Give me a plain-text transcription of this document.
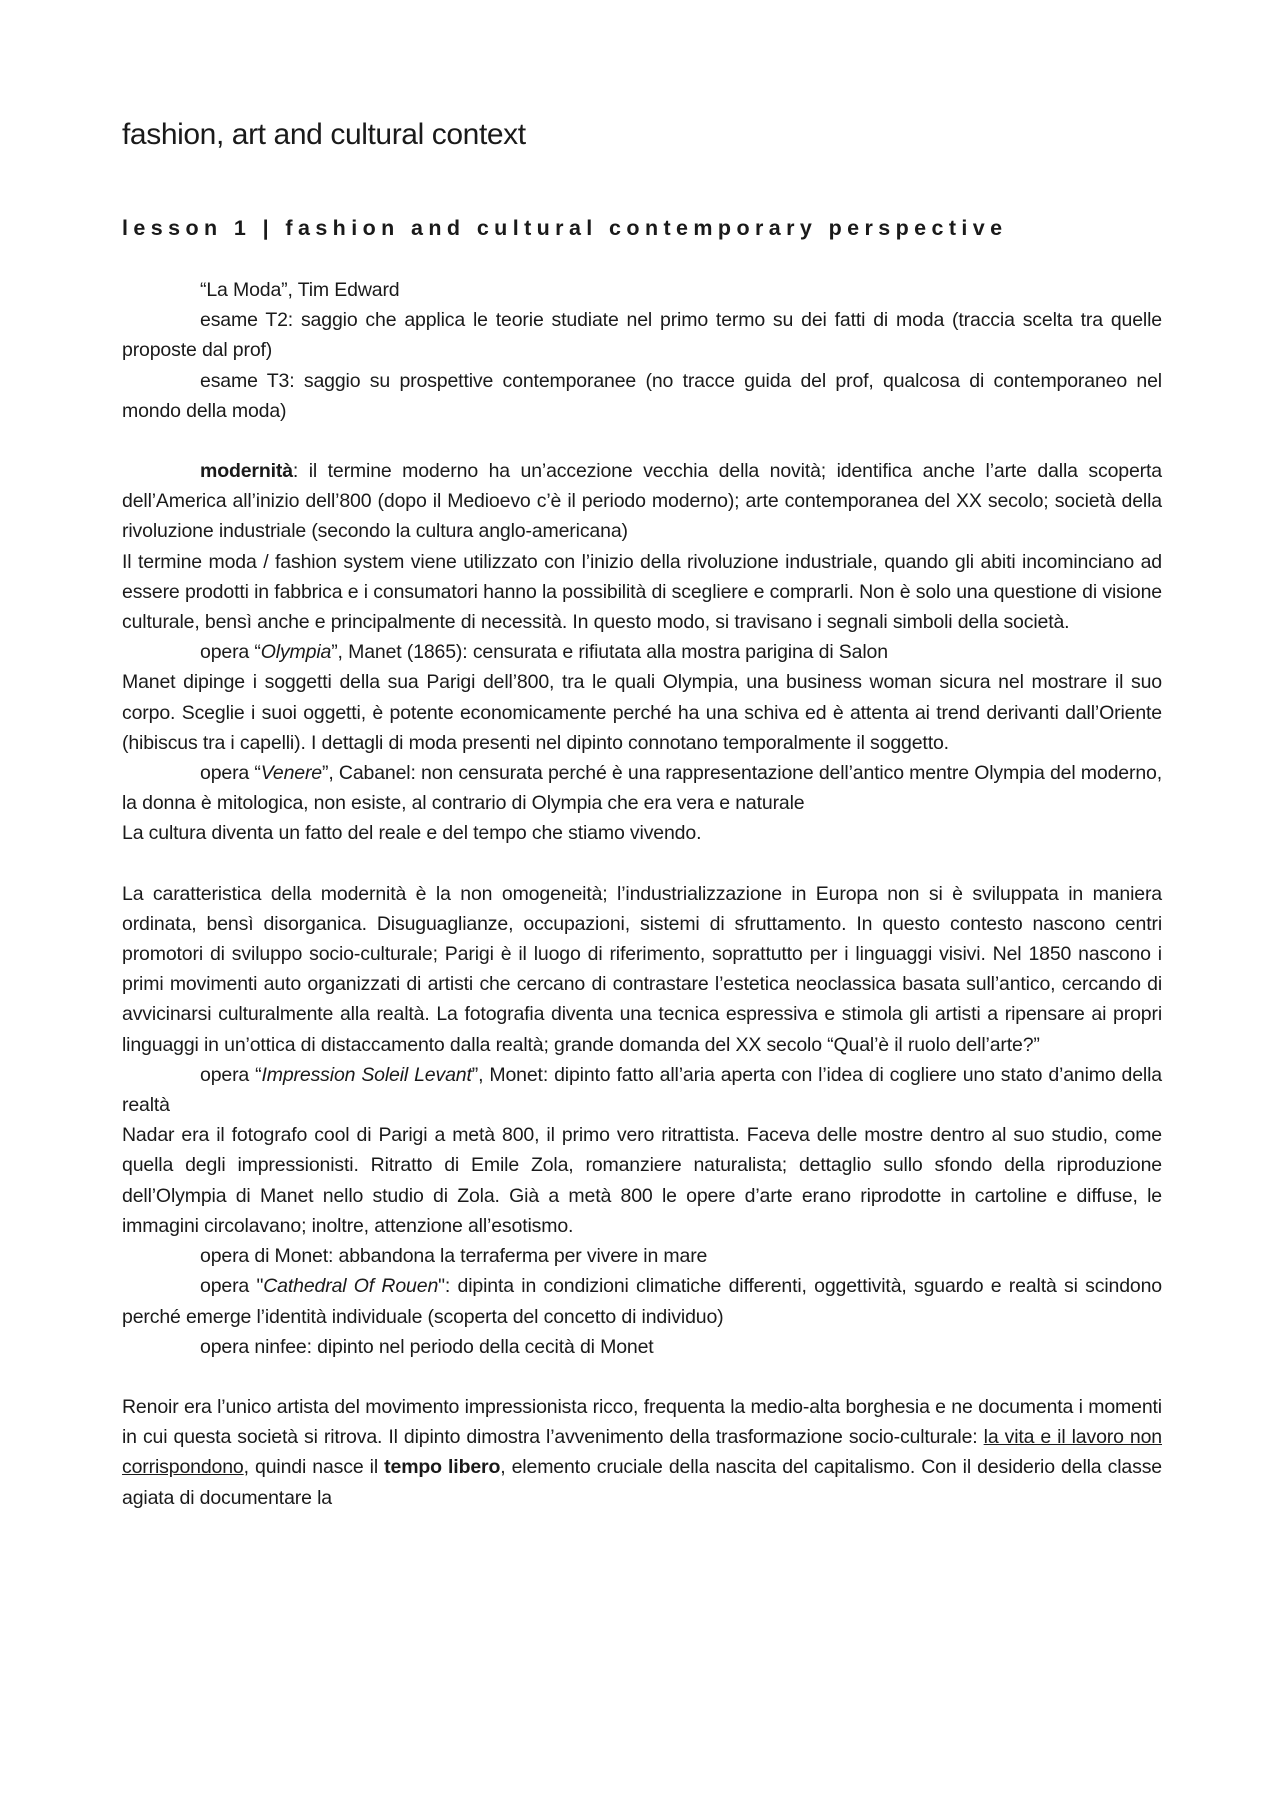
fashion, art and cultural context
lesson 1 | fashion and cultural contemporary perspective

“La Moda”, Tim Edward

esame T2: saggio che applica le teorie studiate nel primo termo su dei fatti di moda (traccia scelta tra quelle proposte dal prof)

esame T3: saggio su prospettive contemporanee (no tracce guida del prof, qualcosa di contemporaneo nel mondo della moda)

modernità: il termine moderno ha un’accezione vecchia della novità; identifica anche l’arte dalla scoperta dell’America all’inizio dell’800 (dopo il Medioevo c’è il periodo moderno); arte contemporanea del XX secolo; società della rivoluzione industriale (secondo la cultura anglo-americana)

Il termine moda / fashion system viene utilizzato con l’inizio della rivoluzione industriale, quando gli abiti incominciano ad essere prodotti in fabbrica e i consumatori hanno la possibilità di scegliere e comprarli. Non è solo una questione di visione culturale, bensì anche e principalmente di necessità. In questo modo, si travisano i segnali simboli della società.

opera “Olympia”, Manet (1865): censurata e rifiutata alla mostra parigina di Salon

Manet dipinge i soggetti della sua Parigi dell’800, tra le quali Olympia, una business woman sicura nel mostrare il suo corpo. Sceglie i suoi oggetti, è potente economicamente perché ha una schiva ed è attenta ai trend derivanti dall’Oriente (hibiscus tra i capelli). I dettagli di moda presenti nel dipinto connotano temporalmente il soggetto.

opera “Venere”, Cabanel: non censurata perché è una rappresentazione dell’antico mentre Olympia del moderno, la donna è mitologica, non esiste, al contrario di Olympia che era vera e naturale

La cultura diventa un fatto del reale e del tempo che stiamo vivendo.

La caratteristica della modernità è la non omogeneità; l’industrializzazione in Europa non si è sviluppata in maniera ordinata, bensì disorganica. Disuguaglianze, occupazioni, sistemi di sfruttamento. In questo contesto nascono centri promotori di sviluppo socio-culturale; Parigi è il luogo di riferimento, soprattutto per i linguaggi visivi. Nel 1850 nascono i primi movimenti auto organizzati di artisti che cercano di contrastare l’estetica neoclassica basata sull’antico, cercando di avvicinarsi culturalmente alla realtà. La fotografia diventa una tecnica espressiva e stimola gli artisti a ripensare ai propri linguaggi in un’ottica di distaccamento dalla realtà; grande domanda del XX secolo “Qual’è il ruolo dell’arte?”

opera “Impression Soleil Levant”, Monet: dipinto fatto all’aria aperta con l’idea di cogliere uno stato d’animo della realtà

Nadar era il fotografo cool di Parigi a metà 800, il primo vero ritrattista. Faceva delle mostre dentro al suo studio, come quella degli impressionisti. Ritratto di Emile Zola, romanziere naturalista; dettaglio sullo sfondo della riproduzione dell’Olympia di Manet nello studio di Zola. Già a metà 800 le opere d’arte erano riprodotte in cartoline e diffuse, le immagini circolavano; inoltre, attenzione all’esotismo.

opera di Monet: abbandona la terraferma per vivere in mare

opera "Cathedral Of Rouen": dipinta in condizioni climatiche differenti, oggettività, sguardo e realtà si scindono perché emerge l’identità individuale (scoperta del concetto di individuo)

opera ninfee: dipinto nel periodo della cecità di Monet

Renoir era l’unico artista del movimento impressionista ricco, frequenta la medio-alta borghesia e ne documenta i momenti in cui questa società si ritrova. Il dipinto dimostra l’avvenimento della trasformazione socio-culturale: la vita e il lavoro non corrispondono, quindi nasce il tempo libero, elemento cruciale della nascita del capitalismo. Con il desiderio della classe agiata di documentare la
